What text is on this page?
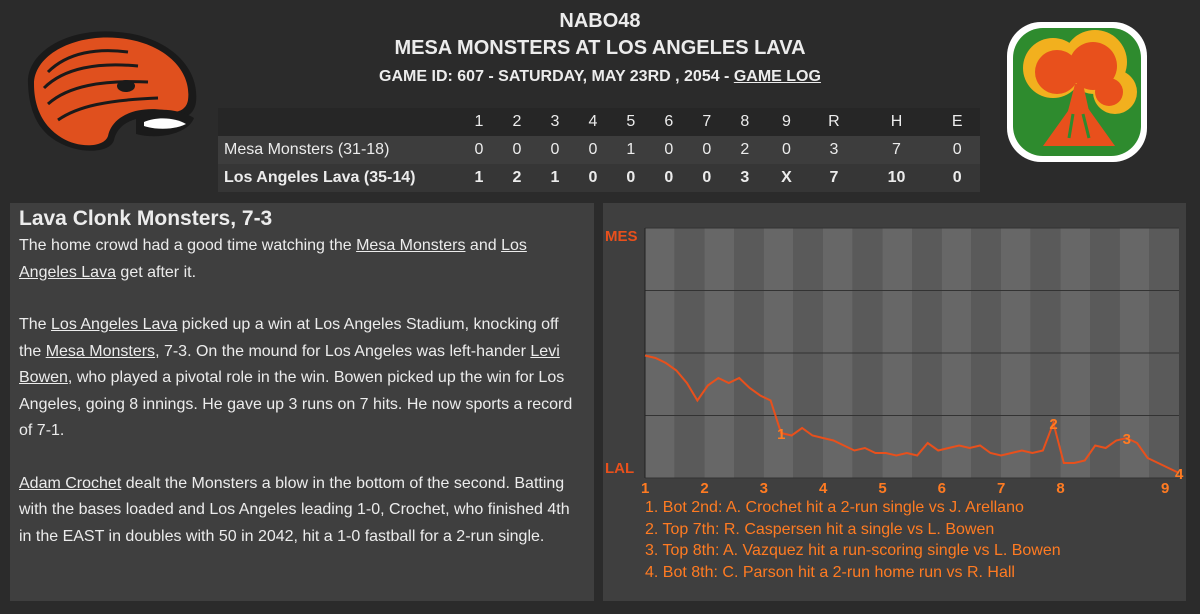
NABO48
MESA MONSTERS AT LOS ANGELES LAVA
GAME ID: 607 - SATURDAY, MAY 23RD , 2054 - GAME LOG
	1	2	3	4	5	6	7	8	9	R	H	E
Mesa Monsters (31-18)	0	0	0	0	1	0	0	2	0	3	7	0
Los Angeles Lava (35-14)	1	2	1	0	0	0	0	3	X	7	10	0
Lava Clonk Monsters, 7-3

The home crowd had a good time watching the Mesa Monsters and Los Angeles Lava get after it.

The Los Angeles Lava picked up a win at Los Angeles Stadium, knocking off the Mesa Monsters, 7-3. On the mound for Los Angeles was left-hander Levi Bowen, who played a pivotal role in the win. Bowen picked up the win for Los Angeles, going 8 innings. He gave up 3 runs on 7 hits. He now sports a record of 7-1.

Adam Crochet dealt the Monsters a blow in the bottom of the second. Batting with the bases loaded and Los Angeles leading 1-0, Crochet, who finished 4th in the EAST in doubles with 50 in 2042, hit a 1-0 fastball for a 2-run single.

1
2
3
4
MES
LAL
1	2	3	4	5	6	7	8	9
1. Bot 2nd: A. Crochet hit a 2-run single vs J. Arellano
2. Top 7th: R. Caspersen hit a single vs L. Bowen
3. Top 8th: A. Vazquez hit a run-scoring single vs L. Bowen
4. Bot 8th: C. Parson hit a 2-run home run vs R. Hall
